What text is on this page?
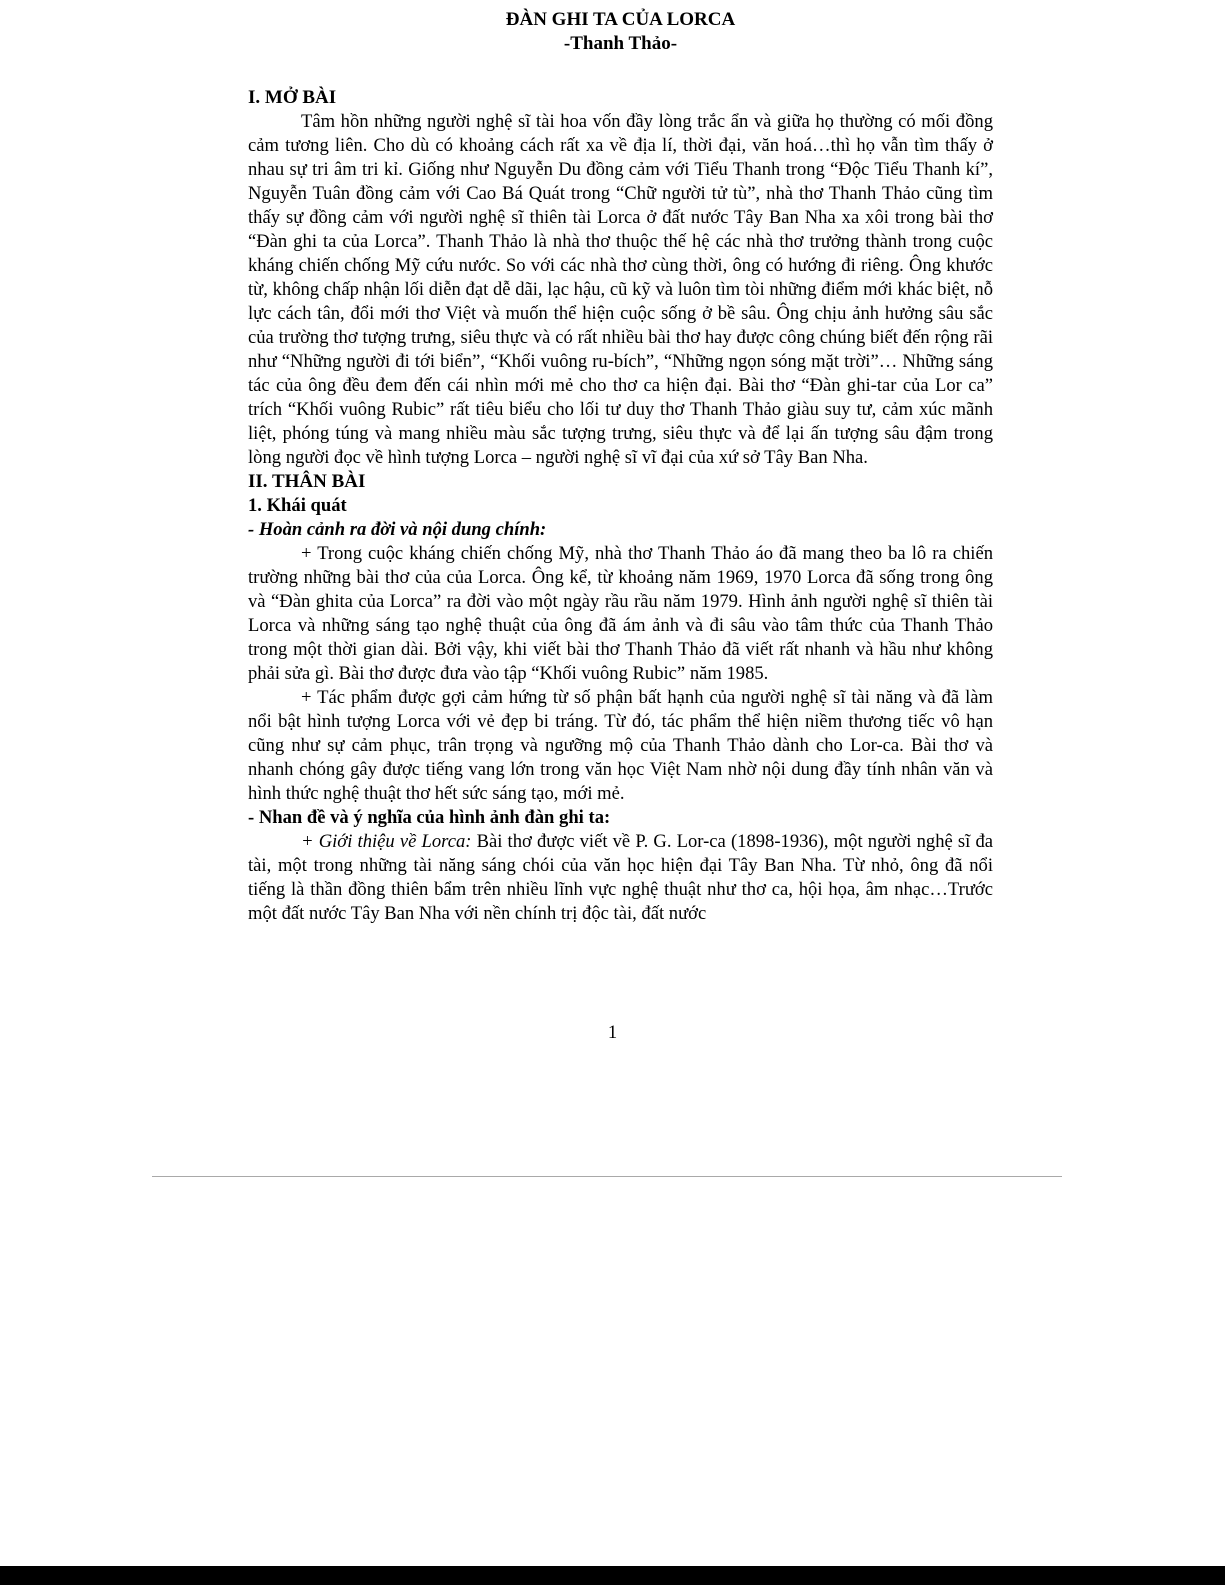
ĐÀN GHI TA CỦA LORCA
-Thanh Thảo-
I. MỞ BÀI

Tâm hồn những người nghệ sĩ tài hoa vốn đầy lòng trắc ẩn và giữa họ thường có mối đồng cảm tương liên. Cho dù có khoảng cách rất xa về địa lí, thời đại, văn hoá…thì họ vẫn tìm thấy ở nhau sự tri âm tri kỉ. Giống như Nguyễn Du đồng cảm với Tiểu Thanh trong “Độc Tiểu Thanh kí”, Nguyễn Tuân đồng cảm với Cao Bá Quát trong “Chữ người tử tù”, nhà thơ Thanh Thảo cũng tìm thấy sự đồng cảm với người nghệ sĩ thiên tài Lorca ở đất nước Tây Ban Nha xa xôi trong bài thơ “Đàn ghi ta của Lorca”. Thanh Thảo là nhà thơ thuộc thế hệ các nhà thơ trưởng thành trong cuộc kháng chiến chống Mỹ cứu nước. So với các nhà thơ cùng thời, ông có hướng đi riêng. Ông khước từ, không chấp nhận lối diễn đạt dễ dãi, lạc hậu, cũ kỹ và luôn tìm tòi những điểm mới khác biệt, nỗ lực cách tân, đổi mới thơ Việt và muốn thể hiện cuộc sống ở bề sâu. Ông chịu ảnh hưởng sâu sắc của trường thơ tượng trưng, siêu thực và có rất nhiều bài thơ hay được công chúng biết đến rộng rãi như “Những người đi tới biển”, “Khối vuông ru-bích”, “Những ngọn sóng mặt trời”… Những sáng tác của ông đều đem đến cái nhìn mới mẻ cho thơ ca hiện đại. Bài thơ “Đàn ghi-tar của Lor ca” trích “Khối vuông Rubic” rất tiêu biểu cho lối tư duy thơ Thanh Thảo giàu suy tư, cảm xúc mãnh liệt, phóng túng và mang nhiều màu sắc tượng trưng, siêu thực và để lại ấn tượng sâu đậm trong lòng người đọc về hình tượng Lorca – người nghệ sĩ vĩ đại của xứ sở Tây Ban Nha.

II. THÂN BÀI
1. Khái quát
- Hoàn cảnh ra đời và nội dung chính:

+ Trong cuộc kháng chiến chống Mỹ, nhà thơ Thanh Thảo áo đã mang theo ba lô ra chiến trường những bài thơ của của Lorca. Ông kể, từ khoảng năm 1969, 1970 Lorca đã sống trong ông và “Đàn ghita của Lorca” ra đời vào một ngày rầu rầu năm 1979. Hình ảnh người nghệ sĩ thiên tài Lorca và những sáng tạo nghệ thuật của ông đã ám ảnh và đi sâu vào tâm thức của Thanh Thảo trong một thời gian dài. Bởi vậy, khi viết bài thơ Thanh Thảo đã viết rất nhanh và hầu như không phải sửa gì. Bài thơ được đưa vào tập “Khối vuông Rubic” năm 1985.

+ Tác phẩm được gợi cảm hứng từ số phận bất hạnh của người nghệ sĩ tài năng và đã làm nổi bật hình tượng Lorca với vẻ đẹp bi tráng. Từ đó, tác phẩm thể hiện niềm thương tiếc vô hạn cũng như sự cảm phục, trân trọng và ngưỡng mộ của Thanh Thảo dành cho Lor-ca. Bài thơ và nhanh chóng gây được tiếng vang lớn trong văn học Việt Nam nhờ nội dung đầy tính nhân văn và hình thức nghệ thuật thơ hết sức sáng tạo, mới mẻ.

- Nhan đề và ý nghĩa của hình ảnh đàn ghi ta:

+ Giới thiệu về Lorca: Bài thơ được viết về P. G. Lor-ca (1898-1936), một người nghệ sĩ đa tài, một trong những tài năng sáng chói của văn học hiện đại Tây Ban Nha. Từ nhỏ, ông đã nổi tiếng là thần đồng thiên bẩm trên nhiều lĩnh vực nghệ thuật như thơ ca, hội họa, âm nhạc…Trước một đất nước Tây Ban Nha với nền chính trị độc tài, đất nước

1
